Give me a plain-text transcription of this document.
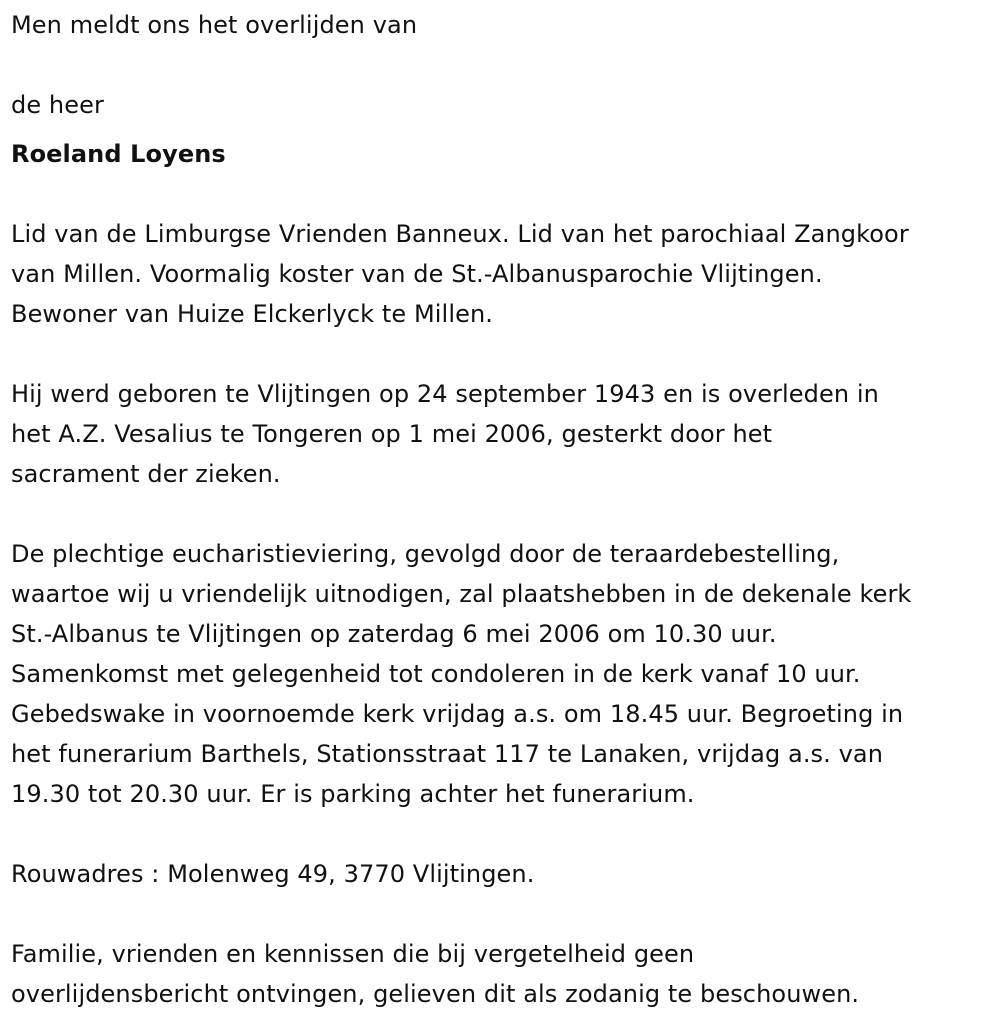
Men meldt ons het overlijden van

de heer

Roeland Loyens

Lid van de Limburgse Vrienden Banneux. Lid van het parochiaal Zangkoor

van Millen. Voormalig koster van de St.-Albanusparochie Vlijtingen.

Bewoner van Huize Elckerlyck te Millen.

Hij werd geboren te Vlijtingen op 24 september 1943 en is overleden in

het A.Z. Vesalius te Tongeren op 1 mei 2006, gesterkt door het

sacrament der zieken.

De plechtige eucharistieviering, gevolgd door de teraardebestelling,

waartoe wij u vriendelijk uitnodigen, zal plaatshebben in de dekenale kerk

St.-Albanus te Vlijtingen op zaterdag 6 mei 2006 om 10.30 uur.

Samenkomst met gelegenheid tot condoleren in de kerk vanaf 10 uur.

Gebedswake in voornoemde kerk vrijdag a.s. om 18.45 uur. Begroeting in

het funerarium Barthels, Stationsstraat 117 te Lanaken, vrijdag a.s. van

19.30 tot 20.30 uur. Er is parking achter het funerarium.

Rouwadres : Molenweg 49, 3770 Vlijtingen.

Familie, vrienden en kennissen die bij vergetelheid geen

overlijdensbericht ontvingen, gelieven dit als zodanig te beschouwen.
